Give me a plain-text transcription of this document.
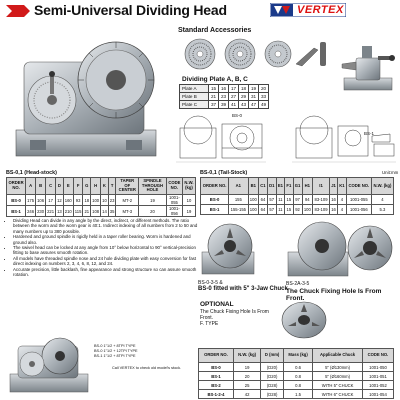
Semi-Universal Dividing Head	VERTEX
Standard Accessories
Dividing Plate A, B, C
Plate A	15	16	17	18	19	20
Plate B	21	23	27	29	31	33
Plate C	37	39	41	43	47	49
BS-0
BS-1
BS-0,1 (Head-stock)	BS-0,1 (Tail-Stock)	Unit:mm
ORDER NO.	A	B	C	D	E	F	G	H	K	T	TAPER OF CENTER	SPINDLE THROUGH HOLE	CODE NO.	N.W. (kg)
BS-0	175	106	17	12	160	93	18	100	10	23	MT-2	19	1001-055	10
BS-1	246	230	221	13	210	115	21	108	14	35	MT-3	20	1001-056	19
ORDER NO.	A1	B1	C1	D1	E1	F1	G1	H1	I1	J1	K1	CODE NO.	N.W. (kg)
BS-0	155	100	64	57	11	15	97	94	83-109	16	4	1001-055	4
BS-1	155-155	100	64	57	11	15	92	100	83-109	16	4	1001-056	5.3
• Dividing Head can divide in any angle by the direct, indirect, or different methods. The ratio between the worm and the worm gear is 40:1. Indirect indexing of all numbers from 2 to 50 and many numbers up to 380 possible.
• Hardened and ground spindle is rigidly held in a taper roller bearing. Worm is hardened and ground also.
• The swivel head can be locked at any angle from 10° below horizontal to 90° vertical-precision fitting to base assures smooth rotation.
• All models have threaded spindle nose and 24 hole dividing plate with easy conversion for fast direct indexing on numbers 2, 3, 4, 6, 8, 12, and 24.
• Accurate precision, little backlash, fine appearance and strong structure so can assure smooth rotation.
BS-0-3-5 &
BS-0 fitted with 5" 3-Jaw Chuck
BS-2A-3-5
The Chuck Fixing Hole Is From Front.
OPTIONAL
The Chuck Fixing Hole Is From Front.
F. TYPE
ORDER NO.	N.W. (kg)	D (mm)	Mass (kg)	Applicable Chuck	CODE NO.
BS-0	19	(D20)	0.6	5" (Ø130mm)	1001-050
BS-1	20	(D20)	0.8	5" (Ø160mm)	1001-051
BS-2	25	(D28)	0.8	WITH 5" CHUCK	1001-052
BS-1-2-4	42	(D28)	1.5	WITH 6" CHUCK	1001-054
BS-0 1"1/2 + 8TPI TYPE
BS-0 1"1/2 + 12TPI TYPE
BS-1 1"1/2 + 8TPI TYPE
Call VERTEX to check old model's stock.
